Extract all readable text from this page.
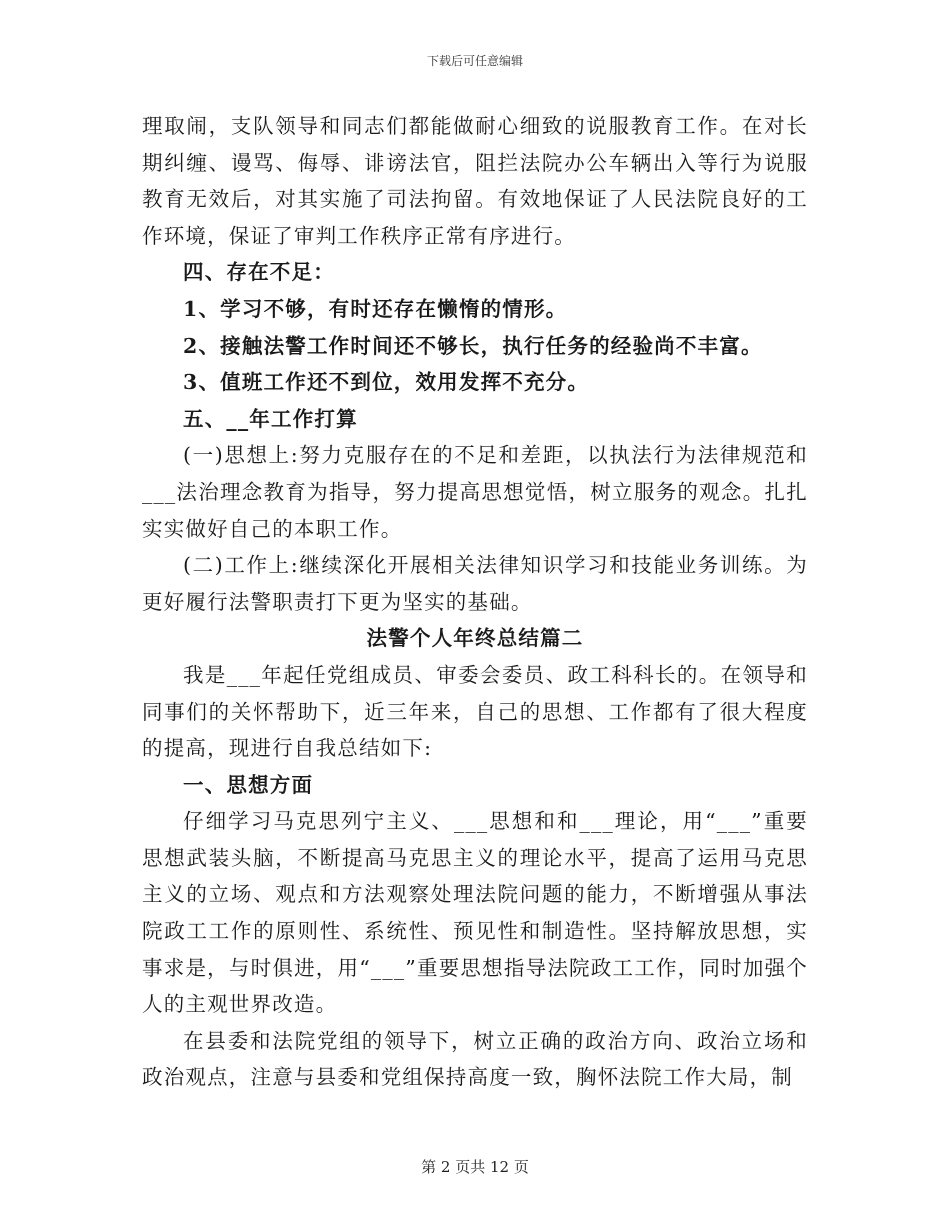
下载后可任意编辑

理取闹，支队领导和同志们都能做耐心细致的说服教育工作。在对长期纠缠、谩骂、侮辱、诽谤法官，阻拦法院办公车辆出入等行为说服教育无效后，对其实施了司法拘留。有效地保证了人民法院良好的工作环境，保证了审判工作秩序正常有序进行。

四、存在不足：

1、学习不够，有时还存在懒惰的情形。

2、接触法警工作时间还不够长，执行任务的经验尚不丰富。

3、值班工作还不到位，效用发挥不充分。

五、__年工作打算

(一)思想上:努力克服存在的不足和差距，以执法行为法律规范和___法治理念教育为指导，努力提高思想觉悟，树立服务的观念。扎扎实实做好自己的本职工作。

(二)工作上:继续深化开展相关法律知识学习和技能业务训练。为更好履行法警职责打下更为坚实的基础。

法警个人年终总结篇二

我是___年起任党组成员、审委会委员、政工科科长的。在领导和同事们的关怀帮助下，近三年来，自己的思想、工作都有了很大程度的提高，现进行自我总结如下:

一、思想方面

仔细学习马克思列宁主义、___思想和和___理论，用“___”重要思想武装头脑，不断提高马克思主义的理论水平，提高了运用马克思主义的立场、观点和方法观察处理法院问题的能力，不断增强从事法院政工工作的原则性、系统性、预见性和制造性。坚持解放思想，实事求是，与时俱进，用“___”重要思想指导法院政工工作，同时加强个人的主观世界改造。

在县委和法院党组的领导下，树立正确的政治方向、政治立场和政治观点，注意与县委和党组保持高度一致，胸怀法院工作大局，制

第 2 页共 12 页
